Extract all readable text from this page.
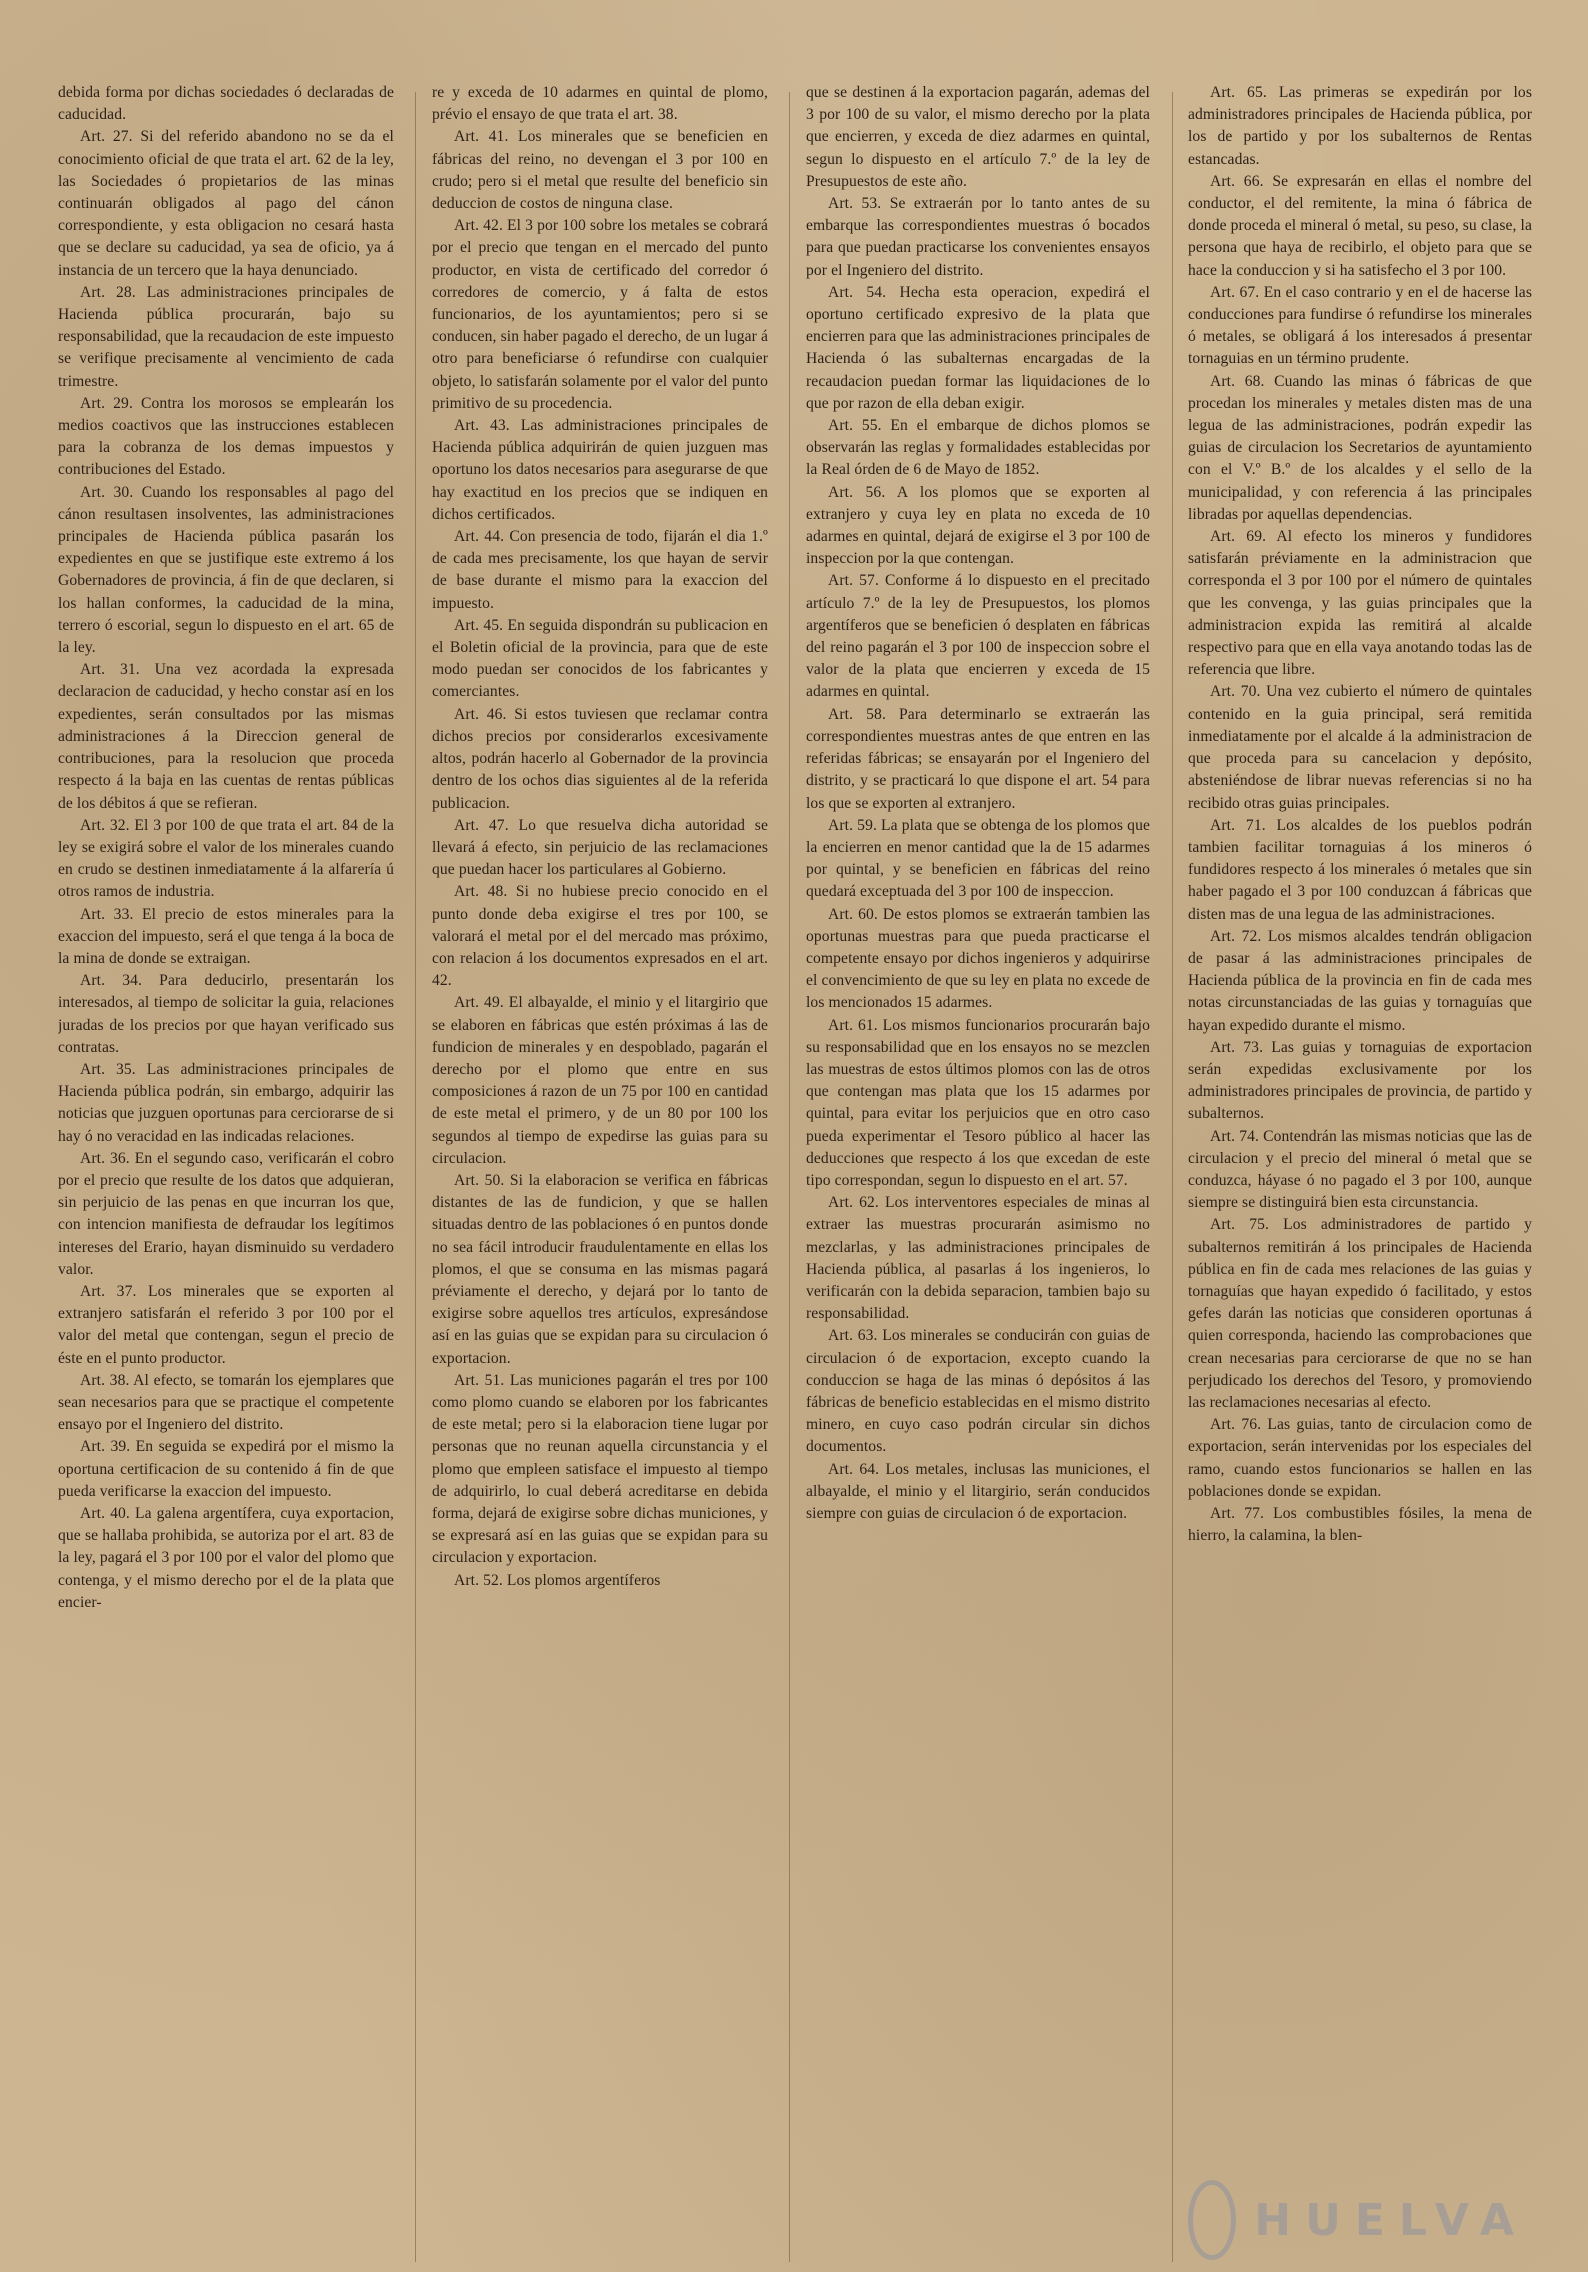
debida forma por dichas sociedades ó declaradas de caducidad.

Art. 27. Si del referido abandono no se da el conocimiento oficial de que trata el art. 62 de la ley, las Sociedades ó propietarios de las minas continuarán obligados al pago del cánon correspondiente, y esta obligacion no cesará hasta que se declare su caducidad, ya sea de oficio, ya á instancia de un tercero que la haya denunciado.

Art. 28. Las administraciones principales de Hacienda pública procurarán, bajo su responsabilidad, que la recaudacion de este impuesto se verifique precisamente al vencimiento de cada trimestre.

Art. 29. Contra los morosos se emplearán los medios coactivos que las instrucciones establecen para la cobranza de los demas impuestos y contribuciones del Estado.

Art. 30. Cuando los responsables al pago del cánon resultasen insolventes, las administraciones principales de Hacienda pública pasarán los expedientes en que se justifique este extremo á los Gobernadores de provincia, á fin de que declaren, si los hallan conformes, la caducidad de la mina, terrero ó escorial, segun lo dispuesto en el art. 65 de la ley.

Art. 31. Una vez acordada la expresada declaracion de caducidad, y hecho constar así en los expedientes, serán consultados por las mismas administraciones á la Direccion general de contribuciones, para la resolucion que proceda respecto á la baja en las cuentas de rentas públicas de los débitos á que se refieran.

Art. 32. El 3 por 100 de que trata el art. 84 de la ley se exigirá sobre el valor de los minerales cuando en crudo se destinen inmediatamente á la alfarería ú otros ramos de industria.

Art. 33. El precio de estos minerales para la exaccion del impuesto, será el que tenga á la boca de la mina de donde se extraigan.

Art. 34. Para deducirlo, presentarán los interesados, al tiempo de solicitar la guia, relaciones juradas de los precios por que hayan verificado sus contratas.

Art. 35. Las administraciones principales de Hacienda pública podrán, sin embargo, adquirir las noticias que juzguen oportunas para cerciorarse de si hay ó no veracidad en las indicadas relaciones.

Art. 36. En el segundo caso, verificarán el cobro por el precio que resulte de los datos que adquieran, sin perjuicio de las penas en que incurran los que, con intencion manifiesta de defraudar los legítimos intereses del Erario, hayan disminuido su verdadero valor.

Art. 37. Los minerales que se exporten al extranjero satisfarán el referido 3 por 100 por el valor del metal que contengan, segun el precio de éste en el punto productor.

Art. 38. Al efecto, se tomarán los ejemplares que sean necesarios para que se practique el competente ensayo por el Ingeniero del distrito.

Art. 39. En seguida se expedirá por el mismo la oportuna certificacion de su contenido á fin de que pueda verificarse la exaccion del impuesto.

Art. 40. La galena argentífera, cuya exportacion, que se hallaba prohibida, se autoriza por el art. 83 de la ley, pagará el 3 por 100 por el valor del plomo que contenga, y el mismo derecho por el de la plata que encier-

re y exceda de 10 adarmes en quintal de plomo, prévio el ensayo de que trata el art. 38.

Art. 41. Los minerales que se beneficien en fábricas del reino, no devengan el 3 por 100 en crudo; pero si el metal que resulte del beneficio sin deduccion de costos de ninguna clase.

Art. 42. El 3 por 100 sobre los metales se cobrará por el precio que tengan en el mercado del punto productor, en vista de certificado del corredor ó corredores de comercio, y á falta de estos funcionarios, de los ayuntamientos; pero si se conducen, sin haber pagado el derecho, de un lugar á otro para beneficiarse ó refundirse con cualquier objeto, lo satisfarán solamente por el valor del punto primitivo de su procedencia.

Art. 43. Las administraciones principales de Hacienda pública adquirirán de quien juzguen mas oportuno los datos necesarios para asegurarse de que hay exactitud en los precios que se indiquen en dichos certificados.

Art. 44. Con presencia de todo, fijarán el dia 1.º de cada mes precisamente, los que hayan de servir de base durante el mismo para la exaccion del impuesto.

Art. 45. En seguida dispondrán su publicacion en el Boletin oficial de la provincia, para que de este modo puedan ser conocidos de los fabricantes y comerciantes.

Art. 46. Si estos tuviesen que reclamar contra dichos precios por considerarlos excesivamente altos, podrán hacerlo al Gobernador de la provincia dentro de los ochos dias siguientes al de la referida publicacion.

Art. 47. Lo que resuelva dicha autoridad se llevará á efecto, sin perjuicio de las reclamaciones que puedan hacer los particulares al Gobierno.

Art. 48. Si no hubiese precio conocido en el punto donde deba exigirse el tres por 100, se valorará el metal por el del mercado mas próximo, con relacion á los documentos expresados en el art. 42.

Art. 49. El albayalde, el minio y el litargirio que se elaboren en fábricas que estén próximas á las de fundicion de minerales y en despoblado, pagarán el derecho por el plomo que entre en sus composiciones á razon de un 75 por 100 en cantidad de este metal el primero, y de un 80 por 100 los segundos al tiempo de expedirse las guias para su circulacion.

Art. 50. Si la elaboracion se verifica en fábricas distantes de las de fundicion, y que se hallen situadas dentro de las poblaciones ó en puntos donde no sea fácil introducir fraudulentamente en ellas los plomos, el que se consuma en las mismas pagará préviamente el derecho, y dejará por lo tanto de exigirse sobre aquellos tres artículos, expresándose así en las guias que se expidan para su circulacion ó exportacion.

Art. 51. Las municiones pagarán el tres por 100 como plomo cuando se elaboren por los fabricantes de este metal; pero si la elaboracion tiene lugar por personas que no reunan aquella circunstancia y el plomo que empleen satisface el impuesto al tiempo de adquirirlo, lo cual deberá acreditarse en debida forma, dejará de exigirse sobre dichas municiones, y se expresará así en las guias que se expidan para su circulacion y exportacion.

Art. 52. Los plomos argentíferos

que se destinen á la exportacion pagarán, ademas del 3 por 100 de su valor, el mismo derecho por la plata que encierren, y exceda de diez adarmes en quintal, segun lo dispuesto en el artículo 7.º de la ley de Presupuestos de este año.

Art. 53. Se extraerán por lo tanto antes de su embarque las correspondientes muestras ó bocados para que puedan practicarse los convenientes ensayos por el Ingeniero del distrito.

Art. 54. Hecha esta operacion, expedirá el oportuno certificado expresivo de la plata que encierren para que las administraciones principales de Hacienda ó las subalternas encargadas de la recaudacion puedan formar las liquidaciones de lo que por razon de ella deban exigir.

Art. 55. En el embarque de dichos plomos se observarán las reglas y formalidades establecidas por la Real órden de 6 de Mayo de 1852.

Art. 56. A los plomos que se exporten al extranjero y cuya ley en plata no exceda de 10 adarmes en quintal, dejará de exigirse el 3 por 100 de inspeccion por la que contengan.

Art. 57. Conforme á lo dispuesto en el precitado artículo 7.º de la ley de Presupuestos, los plomos argentíferos que se beneficien ó desplaten en fábricas del reino pagarán el 3 por 100 de inspeccion sobre el valor de la plata que encierren y exceda de 15 adarmes en quintal.

Art. 58. Para determinarlo se extraerán las correspondientes muestras antes de que entren en las referidas fábricas; se ensayarán por el Ingeniero del distrito, y se practicará lo que dispone el art. 54 para los que se exporten al extranjero.

Art. 59. La plata que se obtenga de los plomos que la encierren en menor cantidad que la de 15 adarmes por quintal, y se beneficien en fábricas del reino quedará exceptuada del 3 por 100 de inspeccion.

Art. 60. De estos plomos se extraerán tambien las oportunas muestras para que pueda practicarse el competente ensayo por dichos ingenieros y adquirirse el convencimiento de que su ley en plata no excede de los mencionados 15 adarmes.

Art. 61. Los mismos funcionarios procurarán bajo su responsabilidad que en los ensayos no se mezclen las muestras de estos últimos plomos con las de otros que contengan mas plata que los 15 adarmes por quintal, para evitar los perjuicios que en otro caso pueda experimentar el Tesoro público al hacer las deducciones que respecto á los que excedan de este tipo correspondan, segun lo dispuesto en el art. 57.

Art. 62. Los interventores especiales de minas al extraer las muestras procurarán asimismo no mezclarlas, y las administraciones principales de Hacienda pública, al pasarlas á los ingenieros, lo verificarán con la debida separacion, tambien bajo su responsabilidad.

Art. 63. Los minerales se conducirán con guias de circulacion ó de exportacion, excepto cuando la conduccion se haga de las minas ó depósitos á las fábricas de beneficio establecidas en el mismo distrito minero, en cuyo caso podrán circular sin dichos documentos.

Art. 64. Los metales, inclusas las municiones, el albayalde, el minio y el litargirio, serán conducidos siempre con guias de circulacion ó de exportacion.

Art. 65. Las primeras se expedirán por los administradores principales de Hacienda pública, por los de partido y por los subalternos de Rentas estancadas.

Art. 66. Se expresarán en ellas el nombre del conductor, el del remitente, la mina ó fábrica de donde proceda el mineral ó metal, su peso, su clase, la persona que haya de recibirlo, el objeto para que se hace la conduccion y si ha satisfecho el 3 por 100.

Art. 67. En el caso contrario y en el de hacerse las conducciones para fundirse ó refundirse los minerales ó metales, se obligará á los interesados á presentar tornaguias en un término prudente.

Art. 68. Cuando las minas ó fábricas de que procedan los minerales y metales disten mas de una legua de las administraciones, podrán expedir las guias de circulacion los Secretarios de ayuntamiento con el V.º B.º de los alcaldes y el sello de la municipalidad, y con referencia á las principales libradas por aquellas dependencias.

Art. 69. Al efecto los mineros y fundidores satisfarán préviamente en la administracion que corresponda el 3 por 100 por el número de quintales que les convenga, y las guias principales que la administracion expida las remitirá al alcalde respectivo para que en ella vaya anotando todas las de referencia que libre.

Art. 70. Una vez cubierto el número de quintales contenido en la guia principal, será remitida inmediatamente por el alcalde á la administracion de que proceda para su cancelacion y depósito, absteniéndose de librar nuevas referencias si no ha recibido otras guias principales.

Art. 71. Los alcaldes de los pueblos podrán tambien facilitar tornaguias á los mineros ó fundidores respecto á los minerales ó metales que sin haber pagado el 3 por 100 conduzcan á fábricas que disten mas de una legua de las administraciones.

Art. 72. Los mismos alcaldes tendrán obligacion de pasar á las administraciones principales de Hacienda pública de la provincia en fin de cada mes notas circunstanciadas de las guias y tornaguías que hayan expedido durante el mismo.

Art. 73. Las guias y tornaguias de exportacion serán expedidas exclusivamente por los administradores principales de provincia, de partido y subalternos.

Art. 74. Contendrán las mismas noticias que las de circulacion y el precio del mineral ó metal que se conduzca, háyase ó no pagado el 3 por 100, aunque siempre se distinguirá bien esta circunstancia.

Art. 75. Los administradores de partido y subalternos remitirán á los principales de Hacienda pública en fin de cada mes relaciones de las guias y tornaguías que hayan expedido ó facilitado, y estos gefes darán las noticias que consideren oportunas á quien corresponda, haciendo las comprobaciones que crean necesarias para cerciorarse de que no se han perjudicado los derechos del Tesoro, y promoviendo las reclamaciones necesarias al efecto.

Art. 76. Las guias, tanto de circulacion como de exportacion, serán intervenidas por los especiales del ramo, cuando estos funcionarios se hallen en las poblaciones donde se expidan.

Art. 77. Los combustibles fósiles, la mena de hierro, la calamina, la blen-

HUELVA
